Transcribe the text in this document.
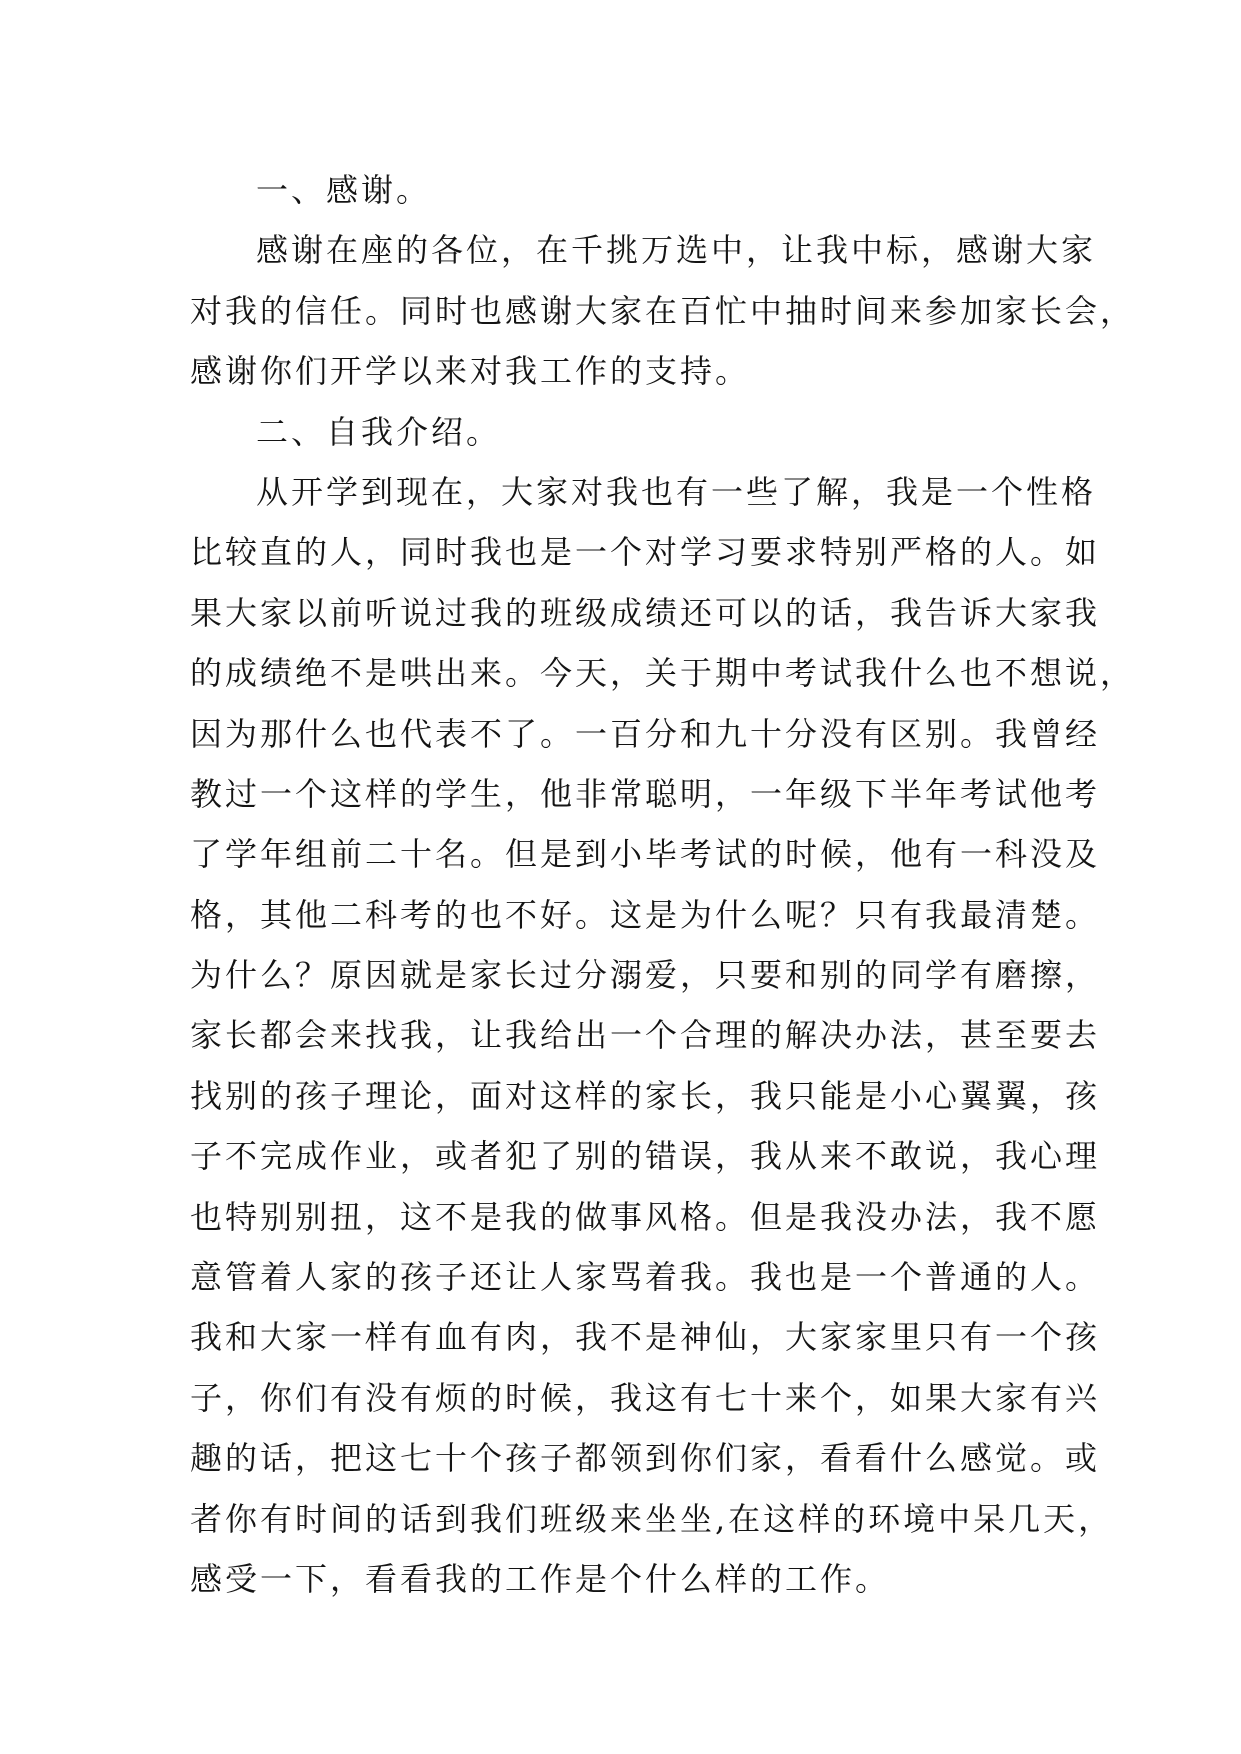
一、感谢。
感谢在座的各位，在千挑万选中，让我中标，感谢大家
对我的信任。同时也感谢大家在百忙中抽时间来参加家长会，
感谢你们开学以来对我工作的支持。
二、自我介绍。
从开学到现在，大家对我也有一些了解，我是一个性格
比较直的人，同时我也是一个对学习要求特别严格的人。如
果大家以前听说过我的班级成绩还可以的话，我告诉大家我
的成绩绝不是哄出来。今天，关于期中考试我什么也不想说，
因为那什么也代表不了。一百分和九十分没有区别。我曾经
教过一个这样的学生，他非常聪明，一年级下半年考试他考
了学年组前二十名。但是到小毕考试的时候，他有一科没及
格，其他二科考的也不好。这是为什么呢？只有我最清楚。
为什么？原因就是家长过分溺爱，只要和别的同学有磨擦，
家长都会来找我，让我给出一个合理的解决办法，甚至要去
找别的孩子理论，面对这样的家长，我只能是小心翼翼，孩
子不完成作业，或者犯了别的错误，我从来不敢说，我心理
也特别别扭，这不是我的做事风格。但是我没办法，我不愿
意管着人家的孩子还让人家骂着我。我也是一个普通的人。
我和大家一样有血有肉，我不是神仙，大家家里只有一个孩
子，你们有没有烦的时候，我这有七十来个，如果大家有兴
趣的话，把这七十个孩子都领到你们家，看看什么感觉。或
者你有时间的话到我们班级来坐坐,在这样的环境中呆几天，
感受一下，看看我的工作是个什么样的工作。
